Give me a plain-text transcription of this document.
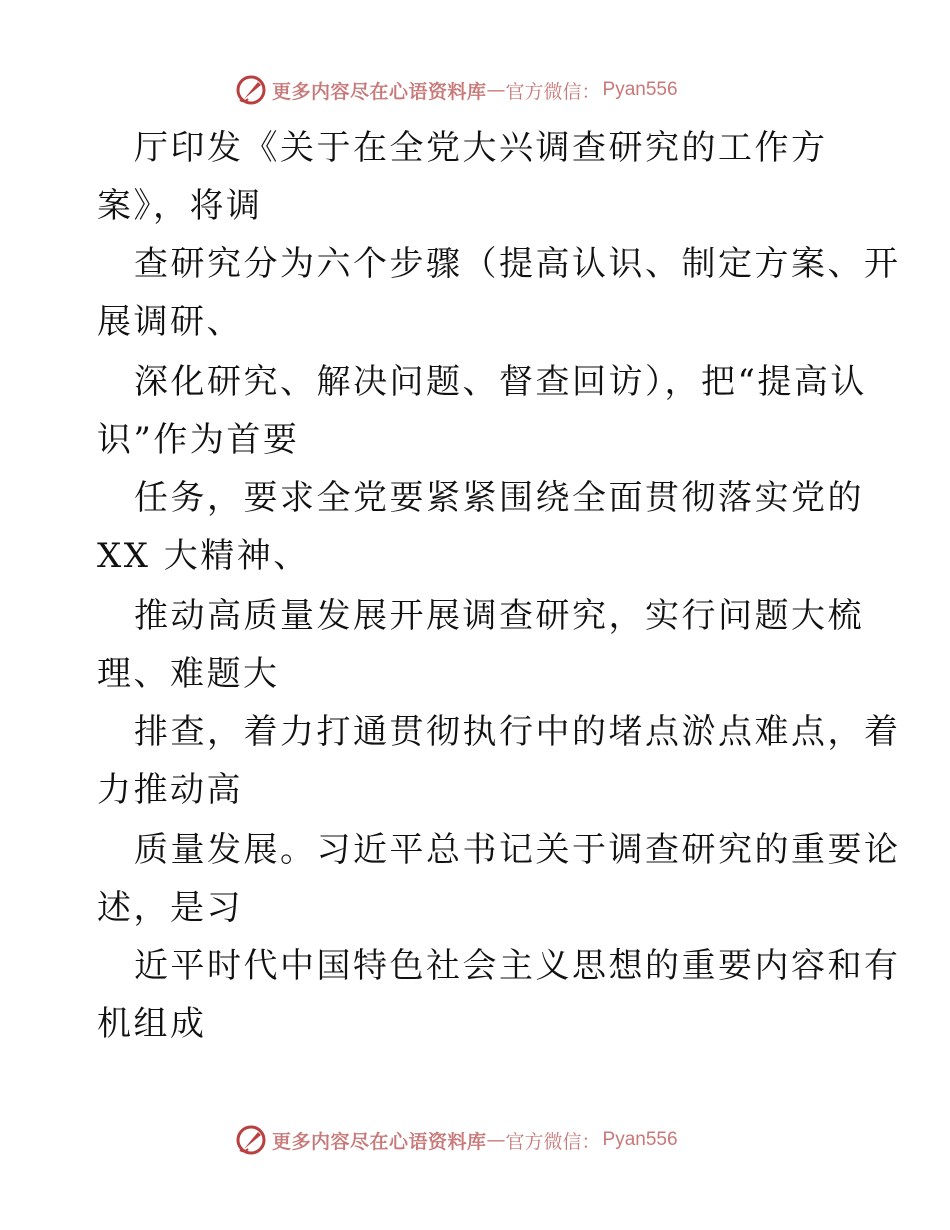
更多内容尽在心语资料库 — 官方微信： Pyan556
厅印发《关于在全党大兴调查研究的工作方
案》，将调
查研究分为六个步骤（提高认识、制定方案、开
展调研、
深化研究、解决问题、督查回访），把“提高认
识”作为首要
任务，要求全党要紧紧围绕全面贯彻落实党的
XX 大精神、
推动高质量发展开展调查研究，实行问题大梳
理、难题大
排查，着力打通贯彻执行中的堵点淤点难点，着
力推动高
质量发展。习近平总书记关于调查研究的重要论
述，是习
近平时代中国特色社会主义思想的重要内容和有
机组成
更多内容尽在心语资料库 — 官方微信： Pyan556
